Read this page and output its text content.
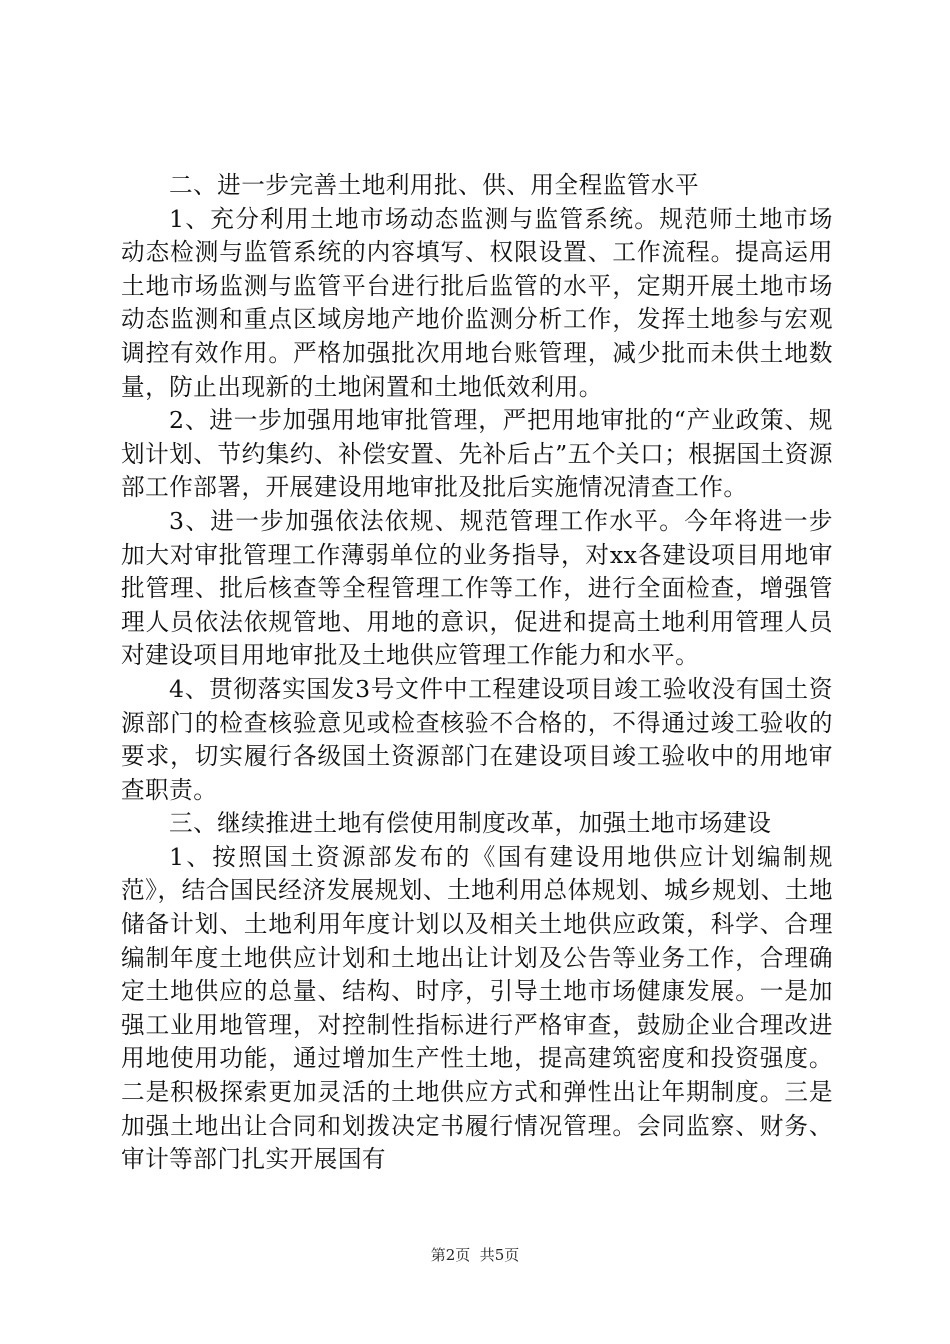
二、进一步完善土地利用批、供、用全程监管水平

1、充分利用土地市场动态监测与监管系统。规范师土地市场动态检测与监管系统的内容填写、权限设置、工作流程。提高运用土地市场监测与监管平台进行批后监管的水平，定期开展土地市场动态监测和重点区域房地产地价监测分析工作，发挥土地参与宏观调控有效作用。严格加强批次用地台账管理，减少批而未供土地数量，防止出现新的土地闲置和土地低效利用。

2、进一步加强用地审批管理，严把用地审批的“产业政策、规划计划、节约集约、补偿安置、先补后占”五个关口；根据国土资源部工作部署，开展建设用地审批及批后实施情况清查工作。

3、进一步加强依法依规、规范管理工作水平。今年将进一步加大对审批管理工作薄弱单位的业务指导，对xx各建设项目用地审批管理、批后核查等全程管理工作等工作，进行全面检查，增强管理人员依法依规管地、用地的意识，促进和提高土地利用管理人员对建设项目用地审批及土地供应管理工作能力和水平。

4、贯彻落实国发3号文件中工程建设项目竣工验收没有国土资源部门的检查核验意见或检查核验不合格的，不得通过竣工验收的要求，切实履行各级国土资源部门在建设项目竣工验收中的用地审查职责。

三、继续推进土地有偿使用制度改革，加强土地市场建设

1、按照国土资源部发布的《国有建设用地供应计划编制规范》，结合国民经济发展规划、土地利用总体规划、城乡规划、土地储备计划、土地利用年度计划以及相关土地供应政策，科学、合理编制年度土地供应计划和土地出让计划及公告等业务工作，合理确定土地供应的总量、结构、时序，引导土地市场健康发展。一是加强工业用地管理，对控制性指标进行严格审查，鼓励企业合理改进用地使用功能，通过增加生产性土地，提高建筑密度和投资强度。二是积极探索更加灵活的土地供应方式和弹性出让年期制度。三是加强土地出让合同和划拨决定书履行情况管理。会同监察、财务、审计等部门扎实开展国有

第2页  共5页
